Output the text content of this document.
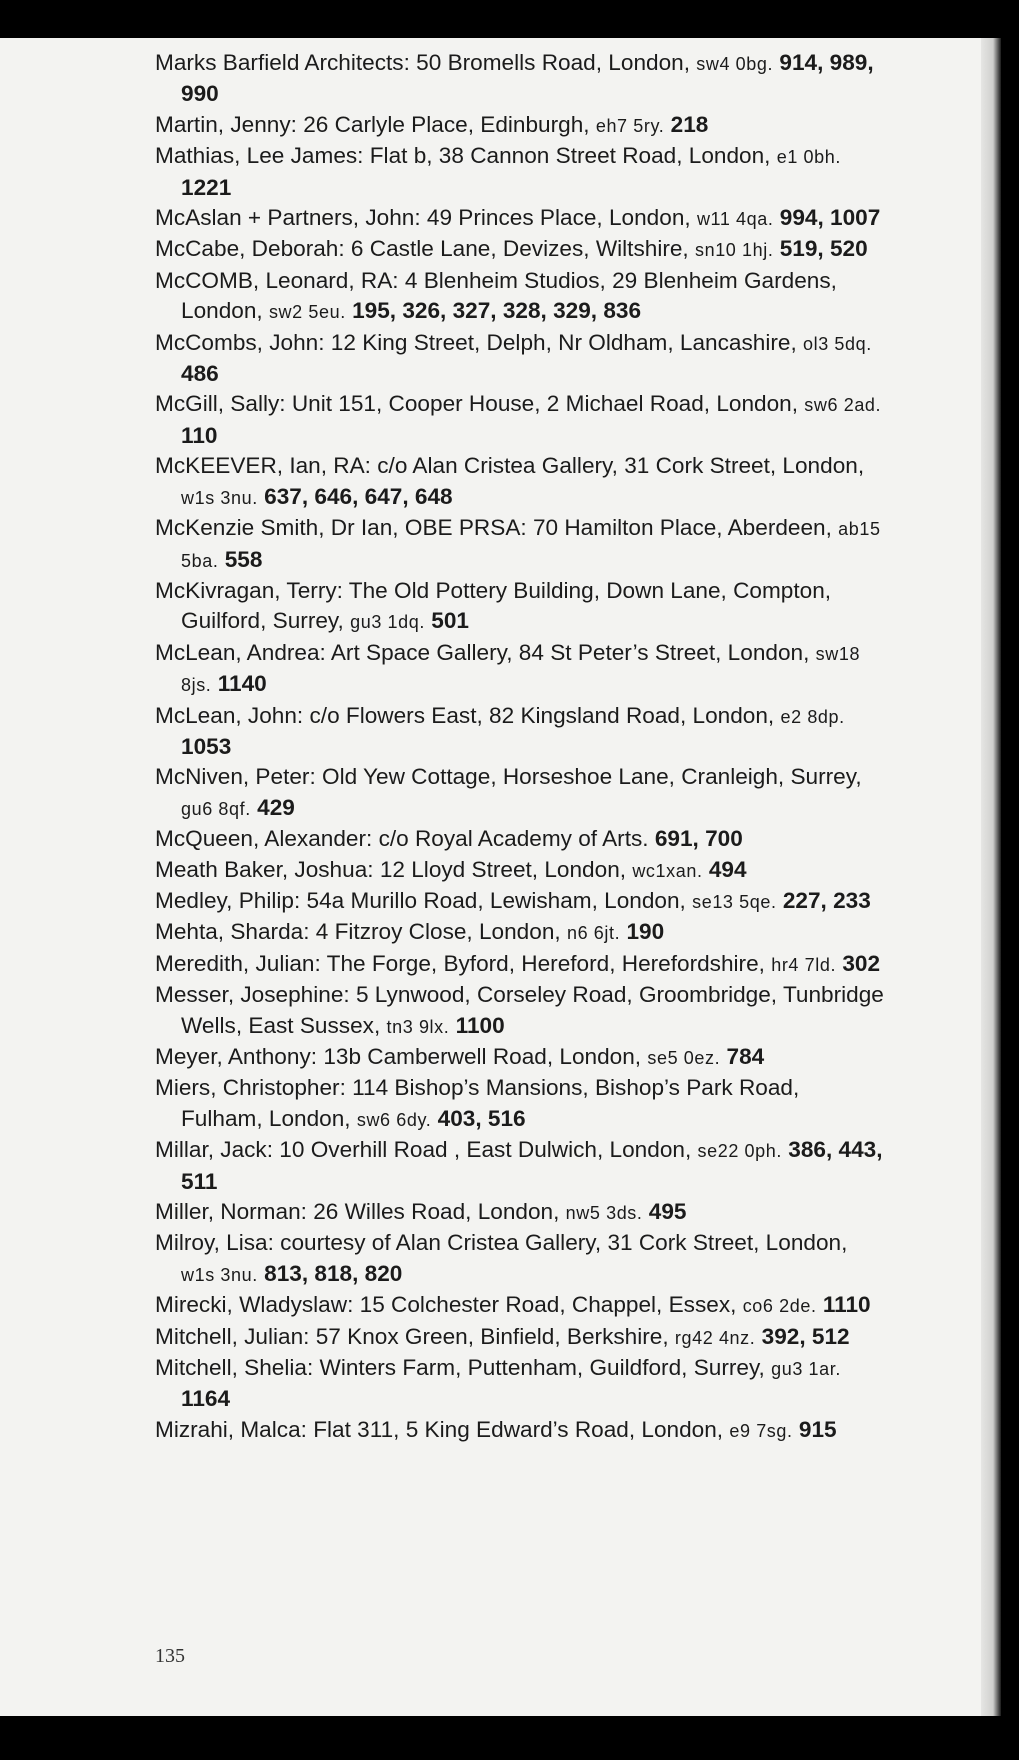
Marks Barfield Architects: 50 Bromells Road, London, sw4 0bg. 914, 989, 990
Martin, Jenny: 26 Carlyle Place, Edinburgh, eh7 5ry. 218
Mathias, Lee James: Flat b, 38 Cannon Street Road, London, e1 0bh. 1221
McAslan + Partners, John: 49 Princes Place, London, w11 4qa. 994, 1007
McCabe, Deborah: 6 Castle Lane, Devizes, Wiltshire, sn10 1hj. 519, 520
McCOMB, Leonard, RA: 4 Blenheim Studios, 29 Blenheim Gardens, London, sw2 5eu. 195, 326, 327, 328, 329, 836
McCombs, John: 12 King Street, Delph, Nr Oldham, Lancashire, ol3 5dq. 486
McGill, Sally: Unit 151, Cooper House, 2 Michael Road, London, sw6 2ad. 110
McKEEVER, Ian, RA: c/o Alan Cristea Gallery, 31 Cork Street, London, w1s 3nu. 637, 646, 647, 648
McKenzie Smith, Dr Ian, OBE PRSA: 70 Hamilton Place, Aberdeen, ab15 5ba. 558
McKivragan, Terry: The Old Pottery Building, Down Lane, Compton, Guilford, Surrey, gu3 1dq. 501
McLean, Andrea: Art Space Gallery, 84 St Peter’s Street, London, sw18 8js. 1140
McLean, John: c/o Flowers East, 82 Kingsland Road, London, e2 8dp. 1053
McNiven, Peter: Old Yew Cottage, Horseshoe Lane, Cranleigh, Surrey, gu6 8qf. 429
McQueen, Alexander: c/o Royal Academy of Arts. 691, 700
Meath Baker, Joshua: 12 Lloyd Street, London, wc1xan. 494
Medley, Philip: 54a Murillo Road, Lewisham, London, se13 5qe. 227, 233
Mehta, Sharda: 4 Fitzroy Close, London, n6 6jt. 190
Meredith, Julian: The Forge, Byford, Hereford, Herefordshire, hr4 7ld. 302
Messer, Josephine: 5 Lynwood, Corseley Road, Groombridge, Tunbridge Wells, East Sussex, tn3 9lx. 1100
Meyer, Anthony: 13b Camberwell Road, London, se5 0ez. 784
Miers, Christopher: 114 Bishop’s Mansions, Bishop’s Park Road, Fulham, London, sw6 6dy. 403, 516
Millar, Jack: 10 Overhill Road , East Dulwich, London, se22 0ph. 386, 443, 511
Miller, Norman: 26 Willes Road, London, nw5 3ds. 495
Milroy, Lisa: courtesy of Alan Cristea Gallery, 31 Cork Street, London, w1s 3nu. 813, 818, 820
Mirecki, Wladyslaw: 15 Colchester Road, Chappel, Essex, co6 2de. 1110
Mitchell, Julian: 57 Knox Green, Binfield, Berkshire, rg42 4nz. 392, 512
Mitchell, Shelia: Winters Farm, Puttenham, Guildford, Surrey, gu3 1ar. 1164
Mizrahi, Malca: Flat 311, 5 King Edward’s Road, London, e9 7sg. 915
135
